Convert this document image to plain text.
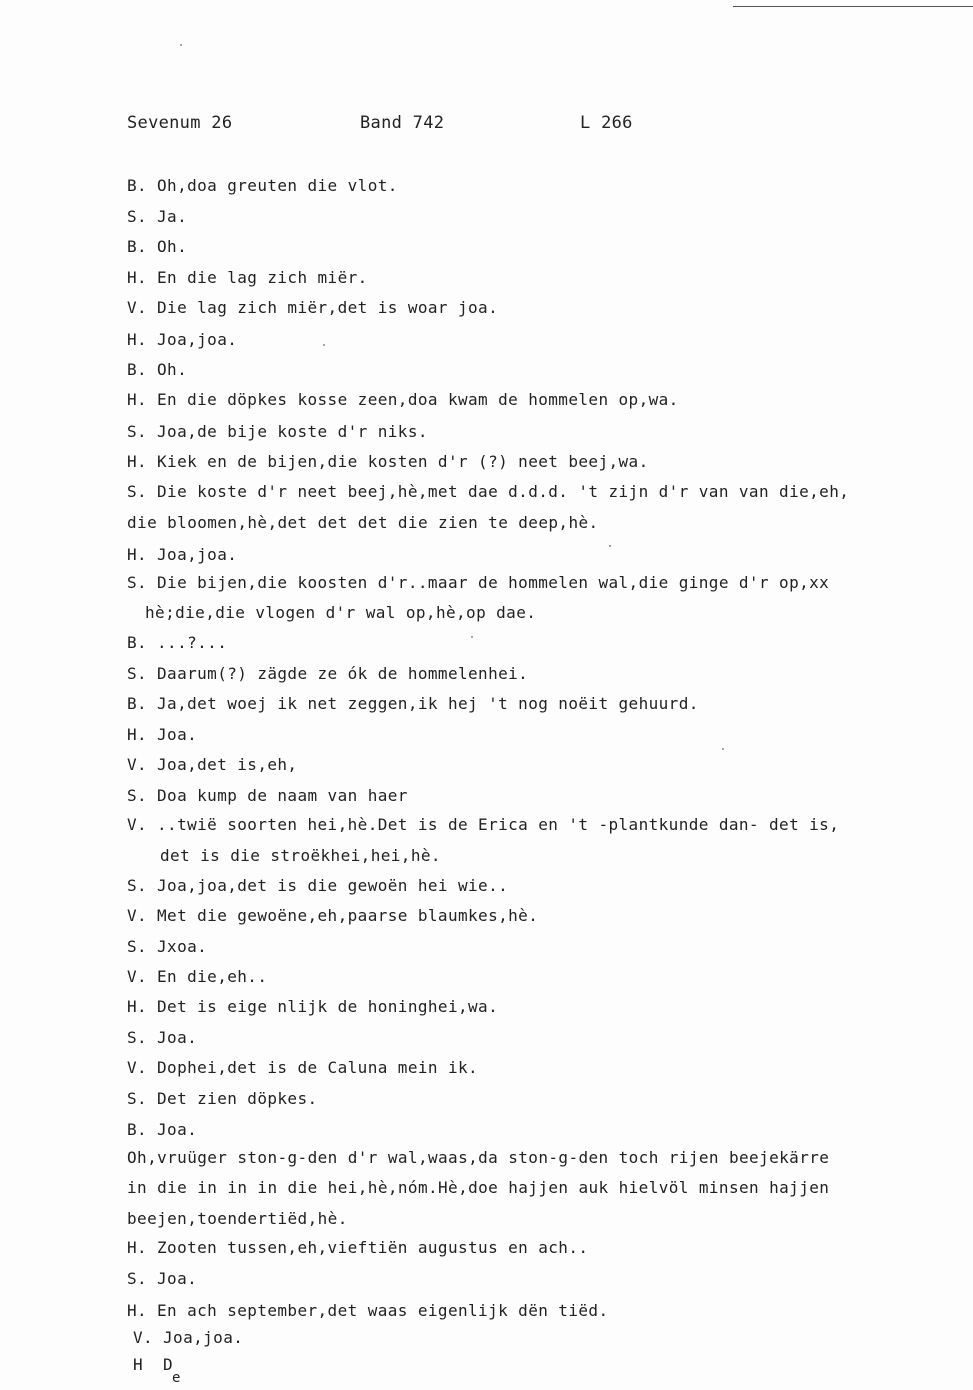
Sevenum 26	Band 742	L 266
B. Oh,doa greuten die vlot.
S. Ja.
B. Oh.
H. En die lag zich miër.
V. Die lag zich miër,det is woar joa.
H. Joa,joa.
B. Oh.
H. En die döpkes kosse zeen,doa kwam de hommelen op,wa.
S. Joa,de bije koste d'r niks.
H. Kiek en de bijen,die kosten d'r (?) neet beej,wa.
S. Die koste d'r neet beej,hè,met dae d.d.d. 't zijn d'r van van die,eh,
die bloomen,hè,det det det die zien te deep,hè.
H. Joa,joa.
S. Die bijen,die koosten d'r..maar de hommelen wal,die ginge d'r op,xx
hè;die,die vlogen d'r wal op,hè,op dae.
B. ...?...
S. Daarum(?) zägde ze ók de hommelenhei.
B. Ja,det woej ik net zeggen,ik hej 't nog noëit gehuurd.
H. Joa.
V. Joa,det is,eh,
S. Doa kump de naam van haer
V. ..twië soorten hei,hè.Det is de Erica en 't -plantkunde dan- det is,
det is die stroëkhei,hei,hè.
S. Joa,joa,det is die gewoën hei wie..
V. Met die gewoëne,eh,paarse blaumkes,hè.
S. Jxoa.
V. En die,eh..
H. Det is eige nlijk de honinghei,wa.
S. Joa.
V. Dophei,det is de Caluna mein ik.
S. Det zien döpkes.
B. Joa.
Oh,vruüger ston-g-den d'r wal,waas,da ston-g-den toch rijen beejekärre
in die in in in die hei,hè,nóm.Hè,doe hajjen auk hielvöl minsen hajjen
beejen,toendertiëd,hè.
H. Zooten tussen,eh,vieftiën augustus en ach..
S. Joa.
H. En ach september,det waas eigenlijk dën tiëd.
V. Joa,joa.
H D
e
